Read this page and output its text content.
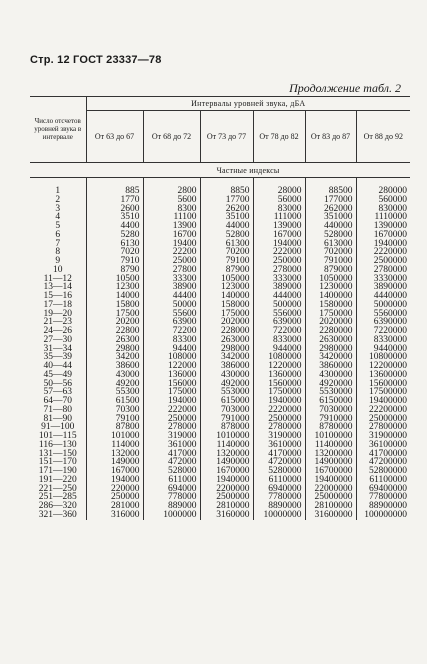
Стр. 12 ГОСТ 23337—78
Продолжение табл. 2
Число отсчетов уровней звука в интервале	Интервалы уровней звука, дБА					
	От 63 до 67	От 68 до 72	От 73 до 77	От 78 до 82	От 83 до 87	От 88 до 92
	Частные индексы					

1	885	2800	8850	28000	88500	280000
2	1770	5600	17700	56000	177000	560000
3	2600	8300	26200	83000	262000	830000
4	3510	11100	35100	111000	351000	1110000
5	4400	13900	44000	139000	440000	1390000
6	5280	16700	52800	167000	528000	1670000
7	6130	19400	61300	194000	613000	1940000
8	7020	22200	70200	222000	702000	2220000
9	7910	25000	79100	250000	791000	2500000
10	8790	27800	87900	278000	879000	2780000
11—12	10500	33300	105000	333000	1050000	3330000
13—14	12300	38900	123000	389000	1230000	3890000
15—16	14000	44400	140000	444000	1400000	4440000
17—18	15800	50000	158000	500000	1580000	5000000
19—20	17500	55600	175000	556000	1750000	5560000
21—23	20200	63900	202000	639000	2020000	6390000
24—26	22800	72200	228000	722000	2280000	7220000
27—30	26300	83300	263000	833000	2630000	8330000
31—34	29800	94400	298000	944000	2980000	9440000
35—39	34200	108000	342000	1080000	3420000	10800000
40—44	38600	122000	386000	1220000	3860000	12200000
45—49	43000	136000	430000	1360000	4300000	13600000
50—56	49200	156000	492000	1560000	4920000	15600000
57—63	55300	175000	553000	1750000	5530000	17500000
64—70	61500	194000	615000	1940000	6150000	19400000
71—80	70300	222000	703000	2220000	7030000	22200000
81—90	79100	250000	791000	2500000	7910000	25000000
91—100	87800	278000	878000	2780000	8780000	27800000
101—115	101000	319000	1010000	3190000	10100000	31900000
116—130	114000	361000	1140000	3610000	11400000	36100000
131—150	132000	417000	1320000	4170000	13200000	41700000
151—170	149000	472000	1490000	4720000	14900000	47200000
171—190	167000	528000	1670000	5280000	16700000	52800000
191—220	194000	611000	1940000	6110000	19400000	61100000
221—250	220000	694000	2200000	6940000	22000000	69400000
251—285	250000	778000	2500000	7780000	25000000	77800000
286—320	281000	889000	2810000	8890000	28100000	88900000
321—360	316000	1000000	3160000	10000000	31600000	100000000
